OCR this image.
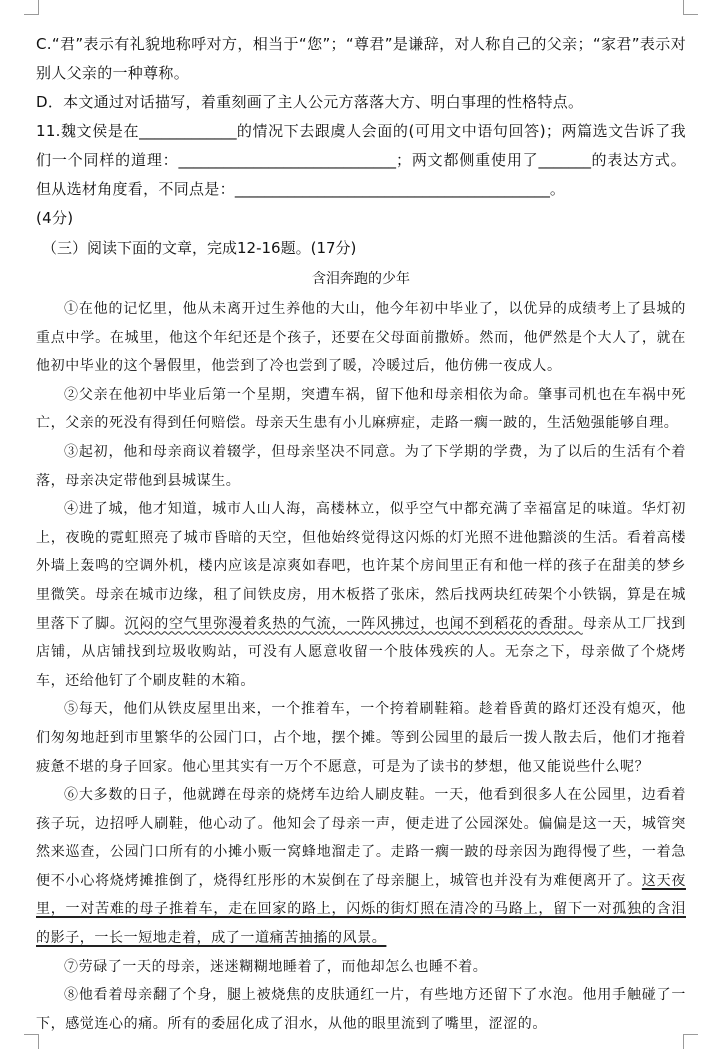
C.“君”表示有礼貌地称呼对方，相当于“您”；“尊君”是谦辞，对人称自己的父亲；“家君”表示对别人父亲的一种尊称。

D．本文通过对话描写，着重刻画了主人公元方落落大方、明白事理的性格特点。

11.魏文侯是在_____________的情况下去跟虞人会面的(可用文中语句回答)；两篇选文告诉了我们一个同样的道理：_____________________________；两文都侧重使用了_______的表达方式。但从选材角度看，不同点是：__________________________________________。

(4分)

（三）阅读下面的文章，完成12-16题。(17分)

含泪奔跑的少年

①在他的记忆里，他从未离开过生养他的大山，他今年初中毕业了，以优异的成绩考上了县城的重点中学。在城里，他这个年纪还是个孩子，还要在父母面前撒娇。然而，他俨然是个大人了，就在他初中毕业的这个暑假里，他尝到了冷也尝到了暖，冷暖过后，他仿佛一夜成人。

②父亲在他初中毕业后第一个星期，突遭车祸，留下他和母亲相依为命。肇事司机也在车祸中死亡，父亲的死没有得到任何赔偿。母亲天生患有小儿麻痹症，走路一瘸一跛的，生活勉强能够自理。

③起初，他和母亲商议着辍学，但母亲坚决不同意。为了下学期的学费，为了以后的生活有个着落，母亲决定带他到县城谋生。

④进了城，他才知道，城市人山人海，高楼林立，似乎空气中都充满了幸福富足的味道。华灯初上，夜晚的霓虹照亮了城市昏暗的天空，但他始终觉得这闪烁的灯光照不进他黯淡的生活。看着高楼外墙上轰鸣的空调外机，楼内应该是凉爽如春吧，也许某个房间里正有和他一样的孩子在甜美的梦乡里微笑。母亲在城市边缘，租了间铁皮房，用木板搭了张床，然后找两块红砖架个小铁锅，算是在城里落下了脚。沉闷的空气里弥漫着炙热的气流，一阵风拂过，也闻不到稻花的香甜。母亲从工厂找到店铺，从店铺找到垃圾收购站，可没有人愿意收留一个肢体残疾的人。无奈之下，母亲做了个烧烤车，还给他钉了个刷皮鞋的木箱。

⑤每天，他们从铁皮屋里出来，一个推着车，一个挎着刷鞋箱。趁着昏黄的路灯还没有熄灭，他们匆匆地赶到市里繁华的公园门口，占个地，摆个摊。等到公园里的最后一拨人散去后，他们才拖着疲惫不堪的身子回家。他心里其实有一万个不愿意，可是为了读书的梦想，他又能说些什么呢？

⑥大多数的日子，他就蹲在母亲的烧烤车边给人刷皮鞋。一天，他看到很多人在公园里，边看着孩子玩，边招呼人刷鞋，他心动了。他知会了母亲一声，便走进了公园深处。偏偏是这一天，城管突然来巡查，公园门口所有的小摊小贩一窝蜂地溜走了。走路一瘸一跛的母亲因为跑得慢了些，一着急便不小心将烧烤摊推倒了，烧得红彤彤的木炭倒在了母亲腿上，城管也并没有为难便离开了。这天夜里，一对苦难的母子推着车，走在回家的路上，闪烁的街灯照在清冷的马路上，留下一对孤独的含泪的影子，一长一短地走着，成了一道痛苦抽搐的风景。

⑦劳碌了一天的母亲，迷迷糊糊地睡着了，而他却怎么也睡不着。

⑧他看着母亲翻了个身，腿上被烧焦的皮肤通红一片，有些地方还留下了水泡。他用手触碰了一下，感觉连心的痛。所有的委屈化成了泪水，从他的眼里流到了嘴里，涩涩的。
